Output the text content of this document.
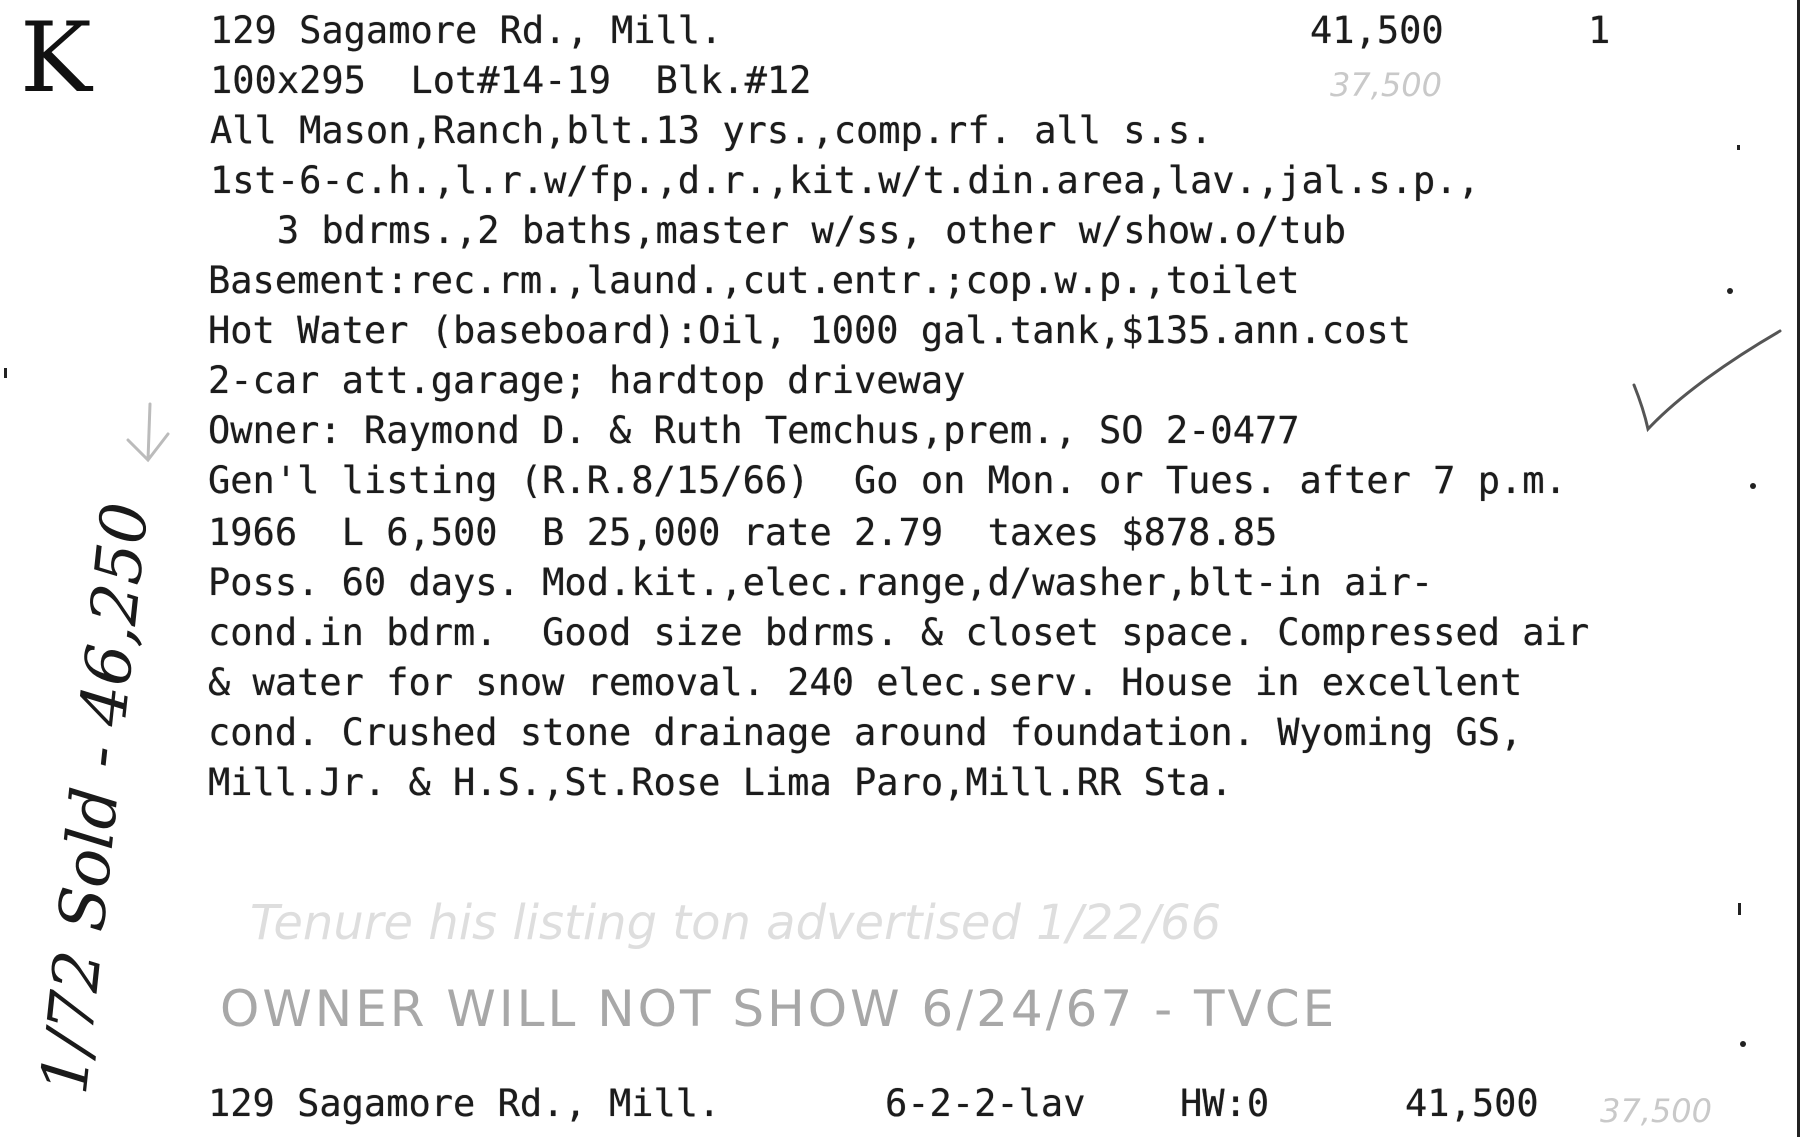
K
1/72 Sold - 46,250
129 Sagamore Rd., Mill.	41,500	1
37,500
100x295  Lot#14-19  Blk.#12
All Mason,Ranch,blt.13 yrs.,comp.rf. all s.s.
1st-6-c.h.,l.r.w/fp.,d.r.,kit.w/t.din.area,lav.,jal.s.p.,
3 bdrms.,2 baths,master w/ss, other w/show.o/tub
Basement:rec.rm.,laund.,cut.entr.;cop.w.p.,toilet
Hot Water (baseboard):Oil, 1000 gal.tank,$135.ann.cost
2-car att.garage; hardtop driveway
Owner: Raymond D. & Ruth Temchus,prem., SO 2-0477
Gen'l listing (R.R.8/15/66)  Go on Mon. or Tues. after 7 p.m.
1966  L 6,500  B 25,000 rate 2.79  taxes $878.85
Poss. 60 days. Mod.kit.,elec.range,d/washer,blt-in air-
cond.in bdrm.  Good size bdrms. & closet space. Compressed air
& water for snow removal. 240 elec.serv. House in excellent
cond. Crushed stone drainage around foundation. Wyoming GS,
Mill.Jr. & H.S.,St.Rose Lima Paro,Mill.RR Sta.
Tenure his listing ton advertised 1/22/66
OWNER WILL NOT SHOW 6/24/67 - TVCE
129 Sagamore Rd., Mill.	6-2-2-lav	HW:0	41,500 37,500
